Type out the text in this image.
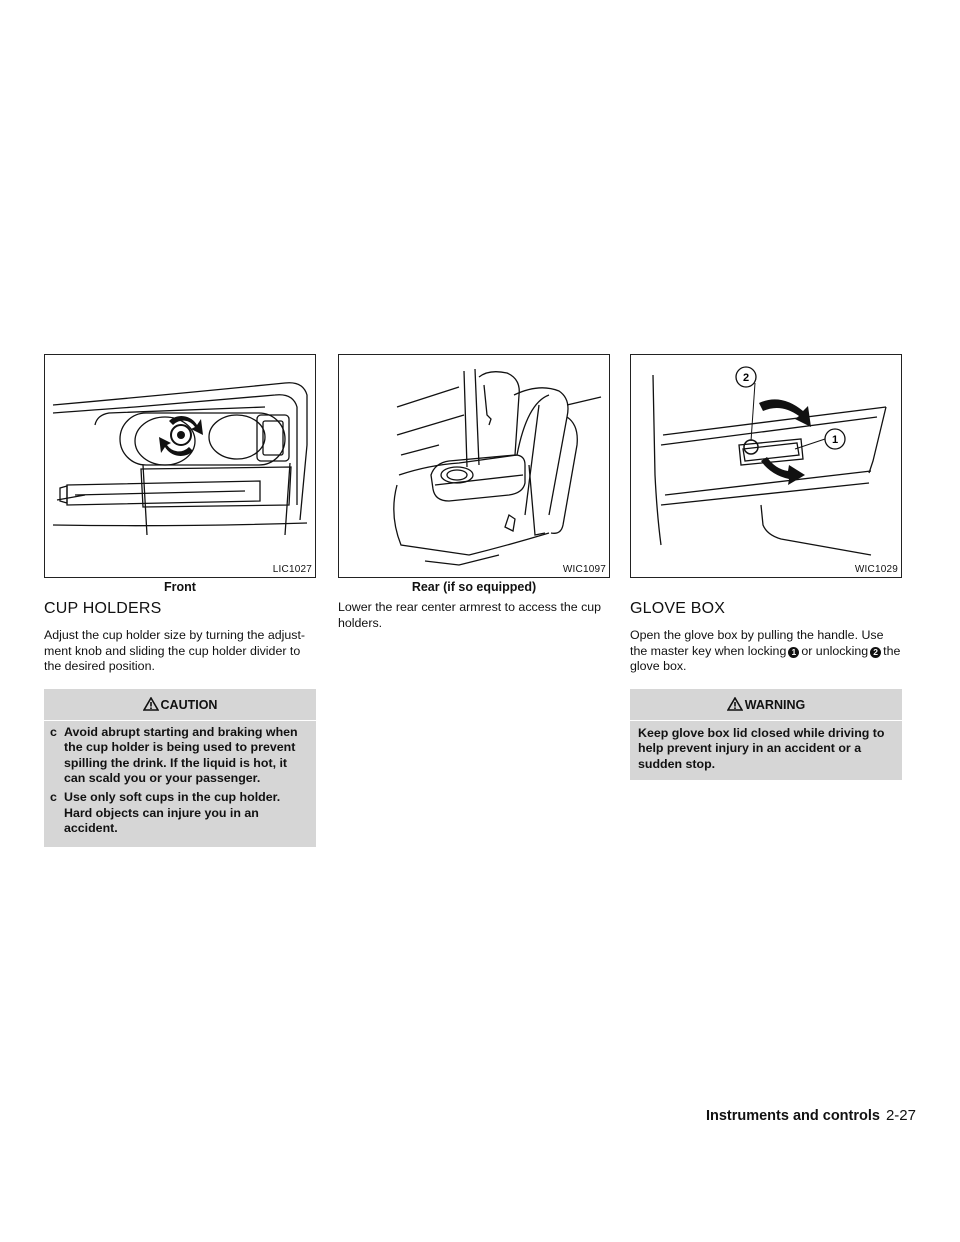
LIC1027
Front
CUP HOLDERS

Adjust the cup holder size by turning the adjust-ment knob and sliding the cup holder divider to the desired position.

CAUTION
c Avoid abrupt starting and braking when the cup holder is being used to prevent spilling the drink. If the liquid is hot, it can scald you or your passenger.
c Use only soft cups in the cup holder. Hard objects can injure you in an accident.
WIC1097
Rear (if so equipped)

Lower the rear center armrest to access the cup holders.

2
1
WIC1029
GLOVE BOX

Open the glove box by pulling the handle. Use the master key when locking 1 or unlocking 2 the glove box.

WARNING

Keep glove box lid closed while driving to help prevent injury in an accident or a sudden stop.

Instruments and controls 2-27
